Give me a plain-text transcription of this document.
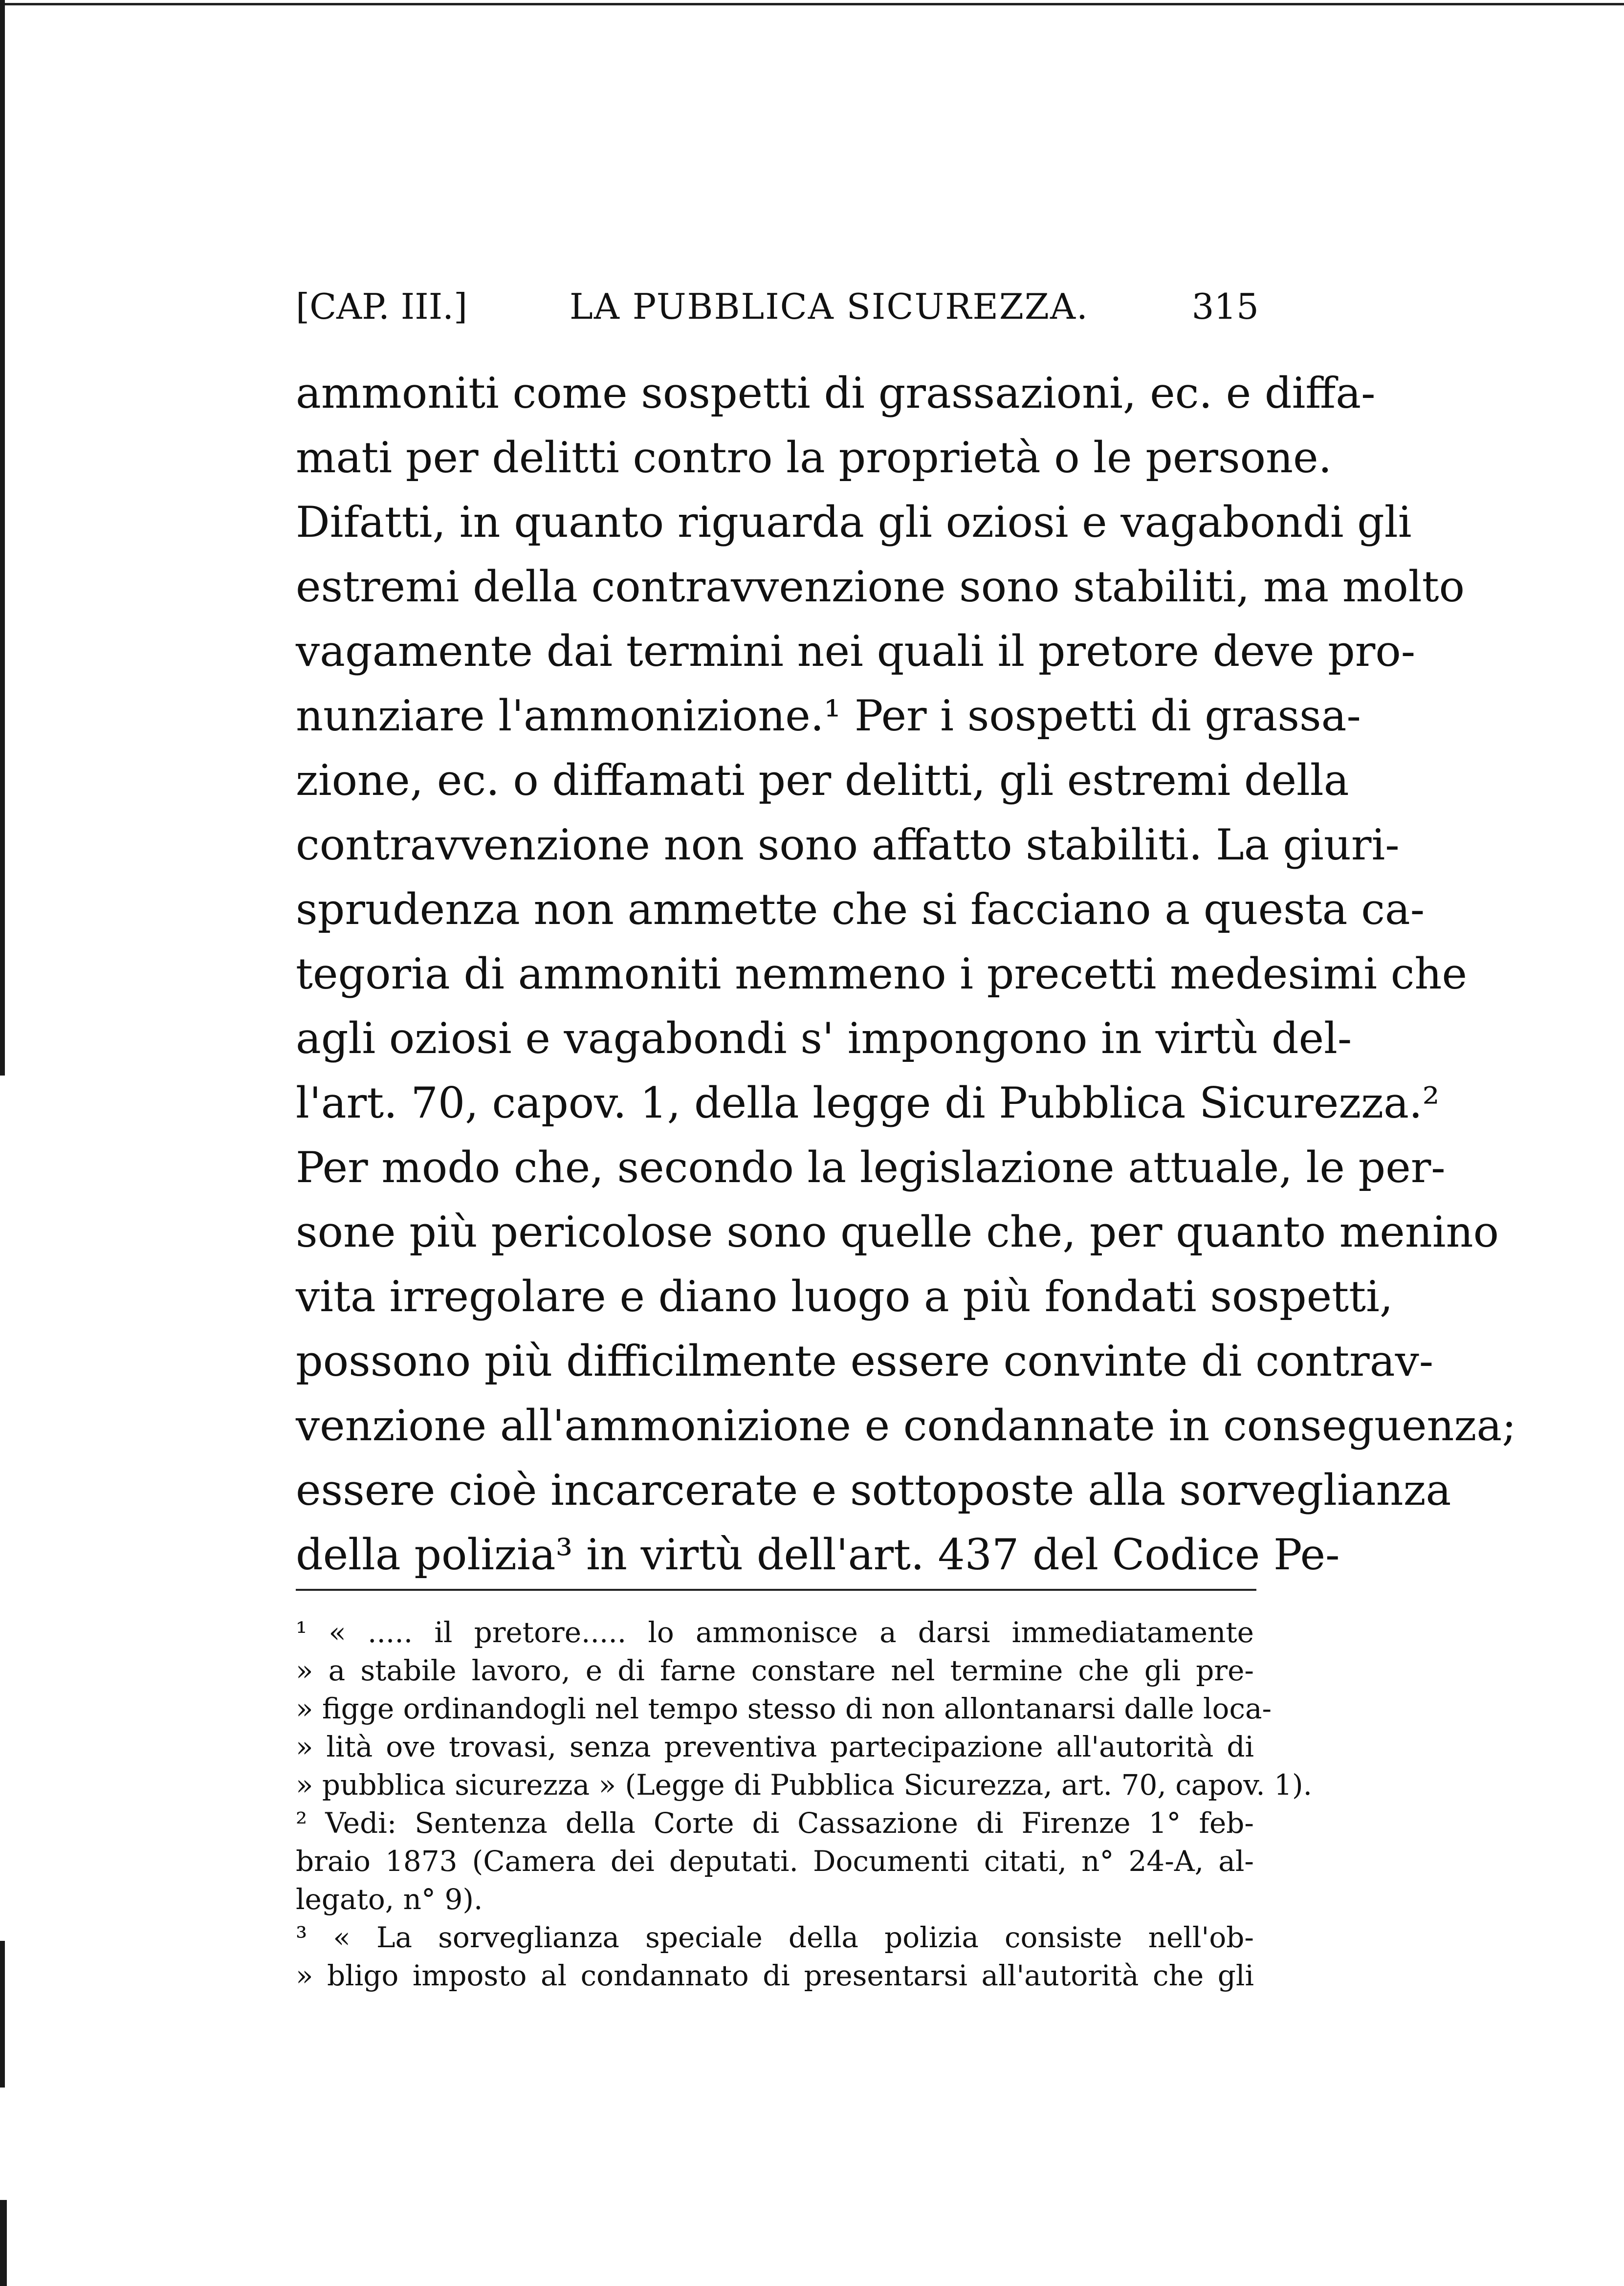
[CAP. III.]	LA PUBBLICA SICUREZZA.	315
ammoniti come sospetti di grassazioni, ec. e diffa-
mati per delitti contro la proprietà o le persone.
Difatti, in quanto riguarda gli oziosi e vagabondi gli
estremi della contravvenzione sono stabiliti, ma molto
vagamente dai termini nei quali il pretore deve pro-
nunziare l'ammonizione.¹ Per i sospetti di grassa-
zione, ec. o diffamati per delitti, gli estremi della
contravvenzione non sono affatto stabiliti. La giuri-
sprudenza non ammette che si facciano a questa ca-
tegoria di ammoniti nemmeno i precetti medesimi che
agli oziosi e vagabondi s' impongono in virtù del-
l'art. 70, capov. 1, della legge di Pubblica Sicurezza.²
Per modo che, secondo la legislazione attuale, le per-
sone più pericolose sono quelle che, per quanto menino
vita irregolare e diano luogo a più fondati sospetti,
possono più difficilmente essere convinte di contrav-
venzione all'ammonizione e condannate in conseguenza;
essere cioè incarcerate e sottoposte alla sorveglianza
della polizia³ in virtù dell'art. 437 del Codice Pe-
¹ « ..... il pretore..... lo ammonisce a darsi immediatamente
» a stabile lavoro, e di farne constare nel termine che gli pre-
» figge ordinandogli nel tempo stesso di non allontanarsi dalle loca-
» lità ove trovasi, senza preventiva partecipazione all'autorità di
» pubblica sicurezza » (Legge di Pubblica Sicurezza, art. 70, capov. 1).
² Vedi: Sentenza della Corte di Cassazione di Firenze 1° feb-
braio 1873 (Camera dei deputati. Documenti citati, n° 24-A, al-
legato, n° 9).
³ « La sorveglianza speciale della polizia consiste nell'ob-
» bligo imposto al condannato di presentarsi all'autorità che gli
